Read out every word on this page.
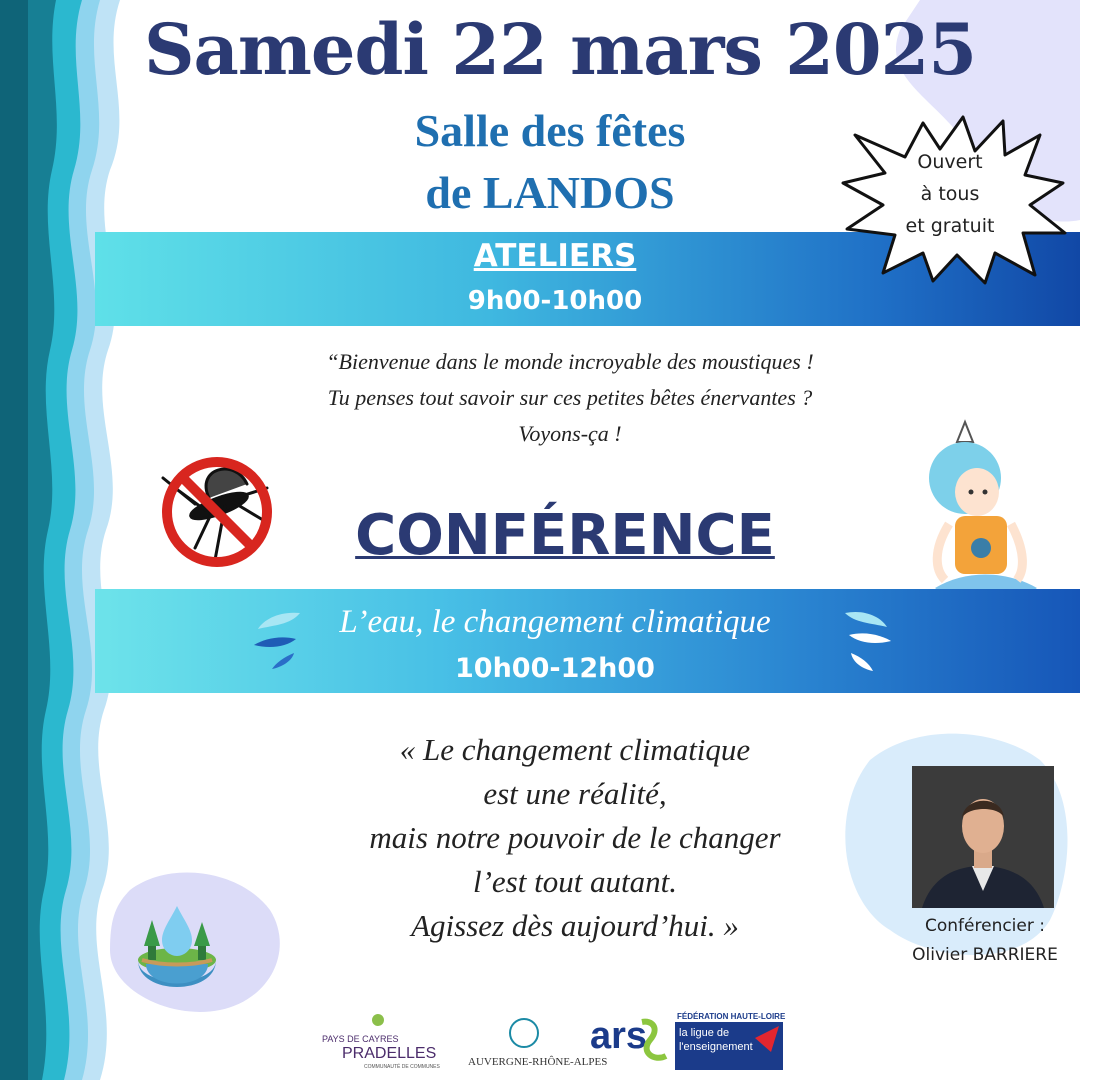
Samedi 22 mars 2025
Salle des fêtes
de LANDOS
ATELIERS
9h00-10h00
Ouvert
à tous
et gratuit
“Bienvenue dans le monde incroyable des moustiques !
Tu penses tout savoir sur ces petites bêtes énervantes ?
Voyons-ça !
CONFÉRENCE
L’eau, le changement climatique
10h00-12h00
« Le changement climatique
est une réalité,
mais notre pouvoir de le changer
l’est tout autant.
Agissez dès aujourd’hui. »	Conférencier :
Olivier BARRIERE
PAYS DE CAYRES
PRADELLES
COMMUNAUTÉ DE COMMUNES	AUVERGNE-RHÔNE-ALPES
ars	FÉDÉRATION HAUTE-LOIRE
la ligue de
l'enseignement
